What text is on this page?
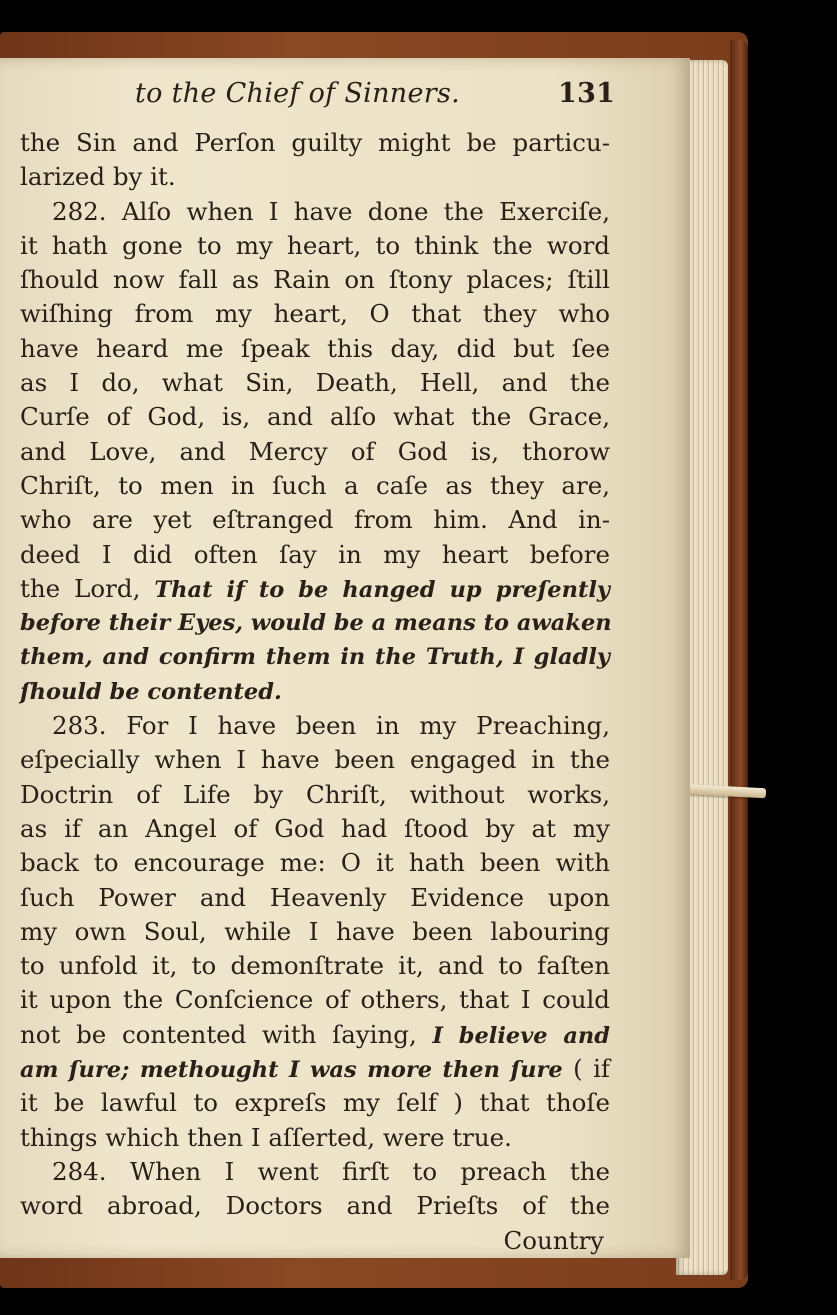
to the Chief of Sinners.	131
the Sin and Perſon guilty might be particu-
larized by it.
282. Alſo when I have done the Exerciſe,
it hath gone to my heart, to think the word
ſhould now fall as Rain on ſtony places; ſtill
wiſhing from my heart, O that they who
have heard me ſpeak this day, did but ſee
as I do, what Sin, Death, Hell, and the
Curſe of God, is, and alſo what the Grace,
and Love, and Mercy of God is, thorow
Chriſt, to men in ſuch a caſe as they are,
who are yet eſtranged from him. And in-
deed I did often ſay in my heart before
the Lord, That if to be hanged up preſently
before their Eyes, would be a means to awaken
them, and confirm them in the Truth, I gladly
ſhould be contented.
283. For I have been in my Preaching,
eſpecially when I have been engaged in the
Doctrin of Life by Chriſt, without works,
as if an Angel of God had ſtood by at my
back to encourage me: O it hath been with
ſuch Power and Heavenly Evidence upon
my own Soul, while I have been labouring
to unfold it, to demonſtrate it, and to faſten
it upon the Conſcience of others, that I could
not be contented with ſaying, I believe and
am ſure; methought I was more then ſure ( if
it be lawful to expreſs my ſelf ) that thoſe
things which then I aſſerted, were true.
284. When I went firſt to preach the
word abroad, Doctors and Prieſts of the
Country
